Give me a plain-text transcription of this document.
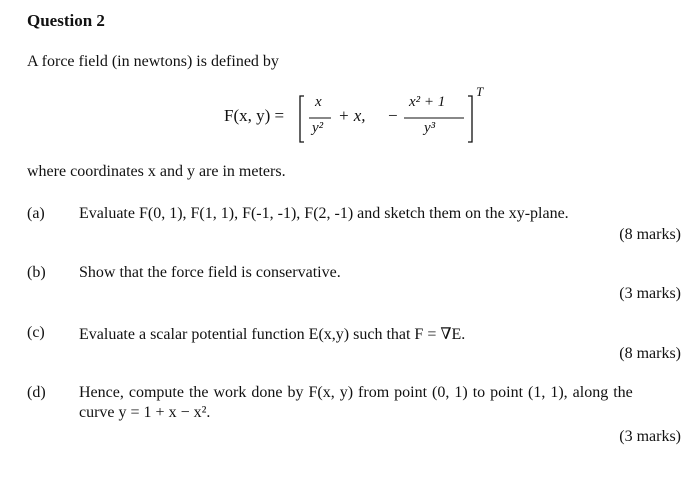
Question 2
A force field (in newtons) is defined by
F(x, y) =
x
y²
+ x, −
x² + 1
y³
T
where coordinates x and y are in meters.
(a) Evaluate F(0, 1), F(1, 1), F(-1, -1), F(2, -1) and sketch them on the xy-plane.
(8 marks)
(b) Show that the force field is conservative.
(3 marks)
(c) Evaluate a scalar potential function E(x,y) such that F = ∇E.
(8 marks)
(d) Hence, compute the work done by F(x, y) from point (0, 1) to point (1, 1), along the
curve y = 1 + x − x².
(3 marks)
